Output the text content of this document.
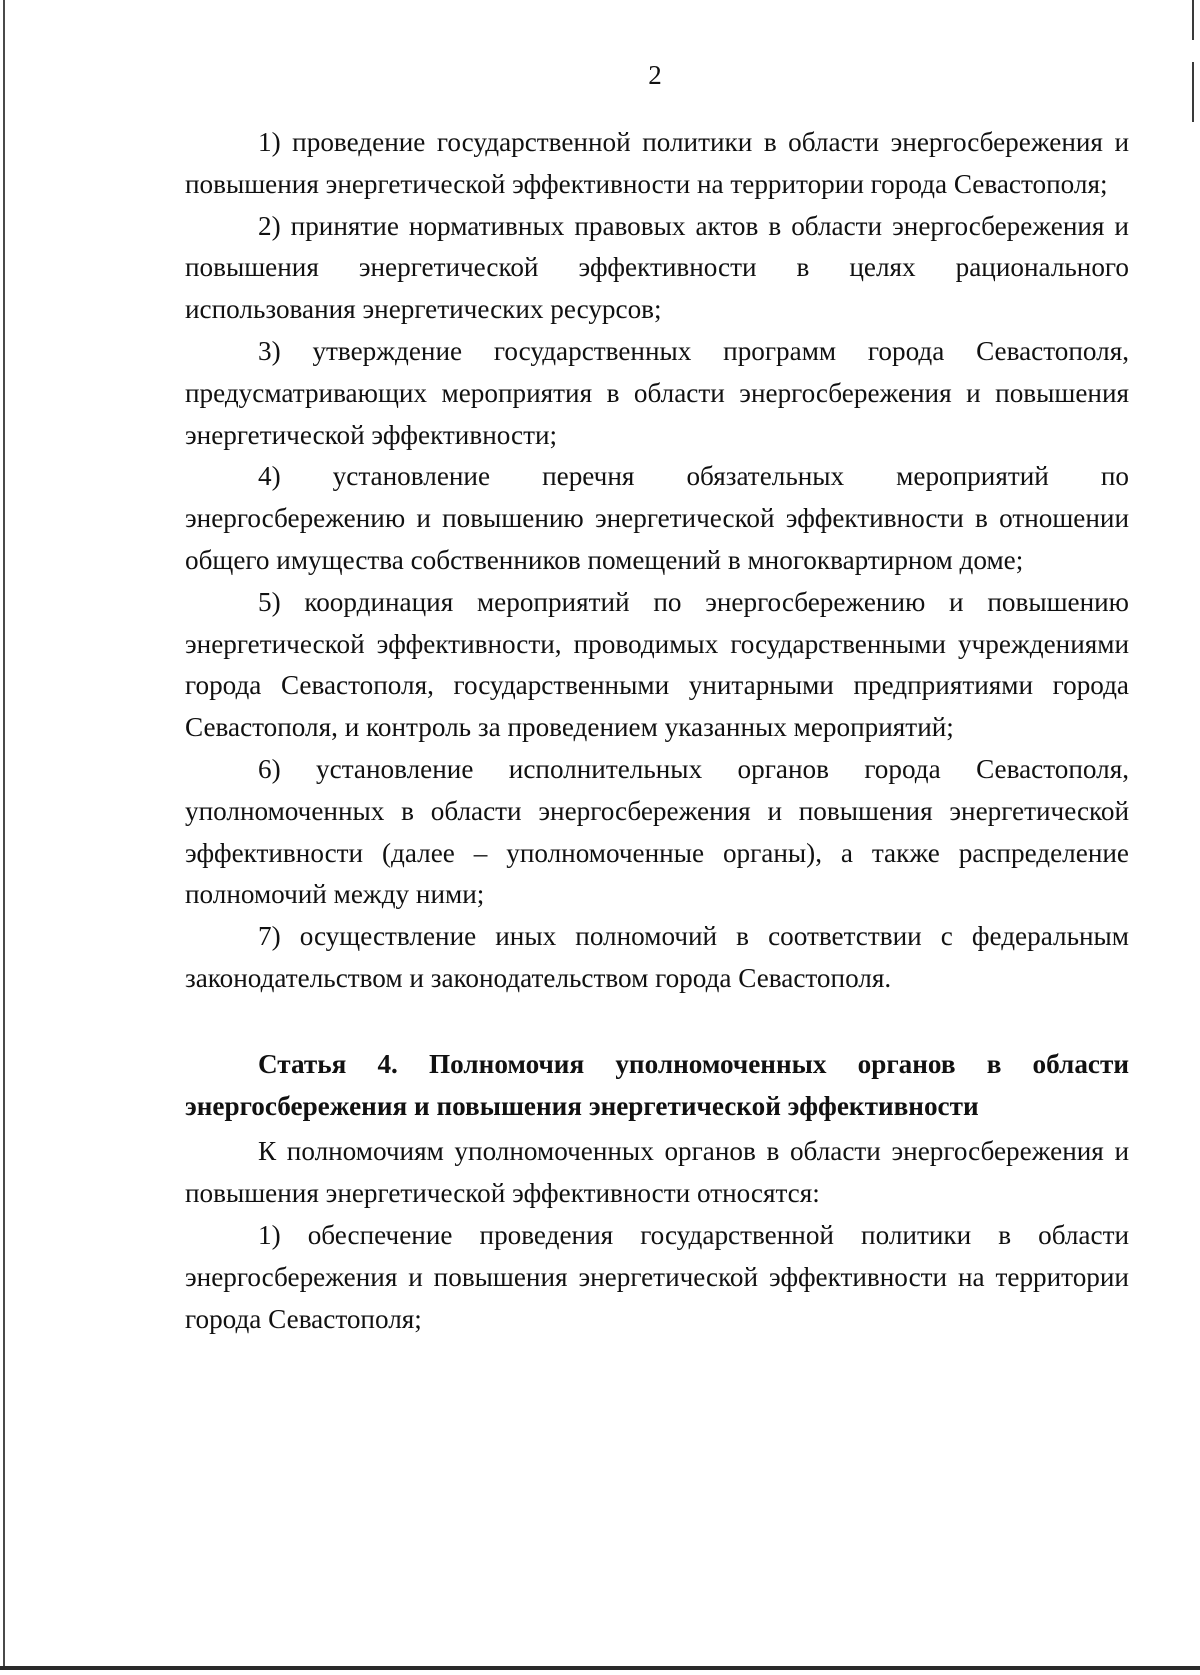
2

1) проведение государственной политики в области энергосбережения и повышения энергетической эффективности на территории города Севастополя;

2) принятие нормативных правовых актов в области энергосбережения и повышения энергетической эффективности в целях рационального использования энергетических ресурсов;

3) утверждение государственных программ города Севастополя, предусматривающих мероприятия в области энергосбережения и повышения энергетической эффективности;

4) установление перечня обязательных мероприятий по энергосбережению и повышению энергетической эффективности в отношении общего имущества собственников помещений в многоквартирном доме;

5) координация мероприятий по энергосбережению и повышению энергетической эффективности, проводимых государственными учреждениями города Севастополя, государственными унитарными предприятиями города Севастополя, и контроль за проведением указанных мероприятий;

6) установление исполнительных органов города Севастополя, уполномоченных в области энергосбережения и повышения энергетической эффективности (далее – уполномоченные органы), а также распределение полномочий между ними;

7) осуществление иных полномочий в соответствии с федеральным законодательством и законодательством города Севастополя.

Статья 4. Полномочия уполномоченных органов в области энергосбережения и повышения энергетической эффективности

К полномочиям уполномоченных органов в области энергосбережения и повышения энергетической эффективности относятся:

1) обеспечение проведения государственной политики в области энергосбережения и повышения энергетической эффективности на территории города Севастополя;
